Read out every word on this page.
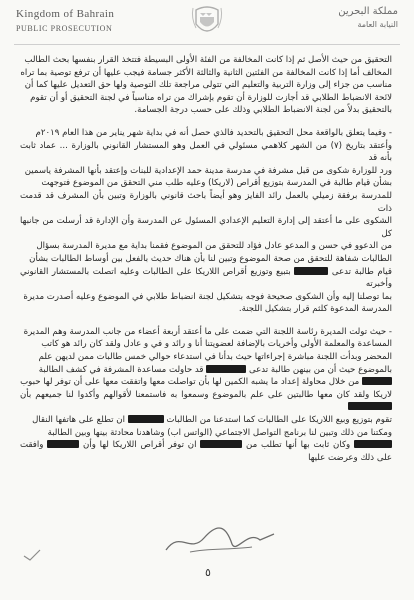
Kingdom of Bahrain
PUBLIC PROSECUTION
مملكة البحرين
النيابة العامة

التحقيق من حيث الأصل ثم إذا كانت المخالفة من الفئة الأولى البسيطة فتتخذ القرار بنفسها بحث الطالب

المخالف أما إذا كانت المخالفة من الفئتين الثانية والثالثة الأكثر جسامة فيجب عليها أن ترفع توصية بما تراه

مناسب من جزاء إلى وزارة التربية والتعليم التي تتولى مراجعة تلك التوصية ولها حق التعديل عليها كما أن

لائحة الانضباط الطلابي قد أجازت للوزارة أن تقوم بإشراك من تراه مناسباً في لجنة التحقيق أو أن تقوم

بالتحقيق بدلاً من لجنة الانضباط الطلابي وذلك على حسب درجة الجسامة.

- وفيما يتعلق بالواقعة محل التحقيق بالتحديد فالذي حصل أنه في بداية شهر يناير من هذا العام ٢٠١٩م

وأعتقد بتاريخ (٧) من الشهر كلاهمي مسئولي في العمل وهو المستشار القانوني بالوزارة ... عماد ثابت بأنه قد

ورد للوزارة شكوى من قبل مشرفة في مدرسة مدينة حمد الإعدادية للبنات وإعتقد بأنها المشرفة ياسمين

بشأن قيام طالبة في المدرسة بتوزيع أقراص (لاريكا) وعليه طلب مني التحقق من الموضوع فتوجهت

للمدرسة برفقة زميلي بالعمل رائد الفايز وهو أيضاً باحث قانوني بالوزارة وتبين بأن المشرف قد قدمت ذات

الشكوى على ما أعتقد إلى إدارة التعليم الإعدادي المسئول عن المدرسة وأن الإدارة قد أرسلت من جانبها كل

من الدعوو في حسن و المدعو عادل فؤاد للتحقق من الموضوع فقمنا بداية مع مديرة المدرسة بسؤال

الطالبات شفاهة للتحقق من صحة الموضوع وتبين لنا بأن هناك حديث بالفعل بين أوساط الطالبات بشأن

قيام طالبة تدعى  بتبيع وتوزيع أقراص اللاريكا على الطالبات وعليه اتصلت بالمستشار القانوني وأخبرته

بما توصلنا إليه وأن الشكوى صحيحة فوجه بتشكيل لجنة انضباط طلابي في الموضوع وعليه أصدرت مديرة

المدرسة المدعوة كلثم قرار بتشكيل اللجنة.

- حيث تولت المديرة رئاسة اللجنة التي ضمت على ما أعتقد أربعة أعضاء من جانب المدرسة وهم المديرة

المساعدة والمعلمة الأولى وأخريات بالإضافة لعضويتنا أنا و رائد و في و عادل ولقد كان رائد هو كاتب

المحضر وبدأت اللجنة مباشرة إجراءاتها حيث بدأنا في استدعاء حوالي خمس طالبات ممن لديهن علم

بالموضوع حيث أن من بينهن طالبة تدعى  قد حاولت مساعدة المشرفة في كشف الطالبة

من خلال محاولة إعداد ما يشبه الكمين لها بأن تواصلت معها واتفقت معها على أن توفر لها حبوب

لاريكا ولقد كان معها طالبتين على علم بالموضوع وسمعوا به فاستمعنا لأقوالهم وأكدوا لنا جميعهم بأن

تقوم بتوزيع وبيع اللاريكا على الطالبات كما استدعنا من الطالبات  ان تطلع على هاتفها النقال

ومكتنا من ذلك وتبين لنا برنامج التواصل الاجتماعي (الواتس اب) وشاهدنا محادثة بينها وبين الطالبة

وكان ثابت بها أنها تطلب من  ان توفر أقراص اللاريكا لها وأن  وافقت على ذلك وعرضت عليها

٥
